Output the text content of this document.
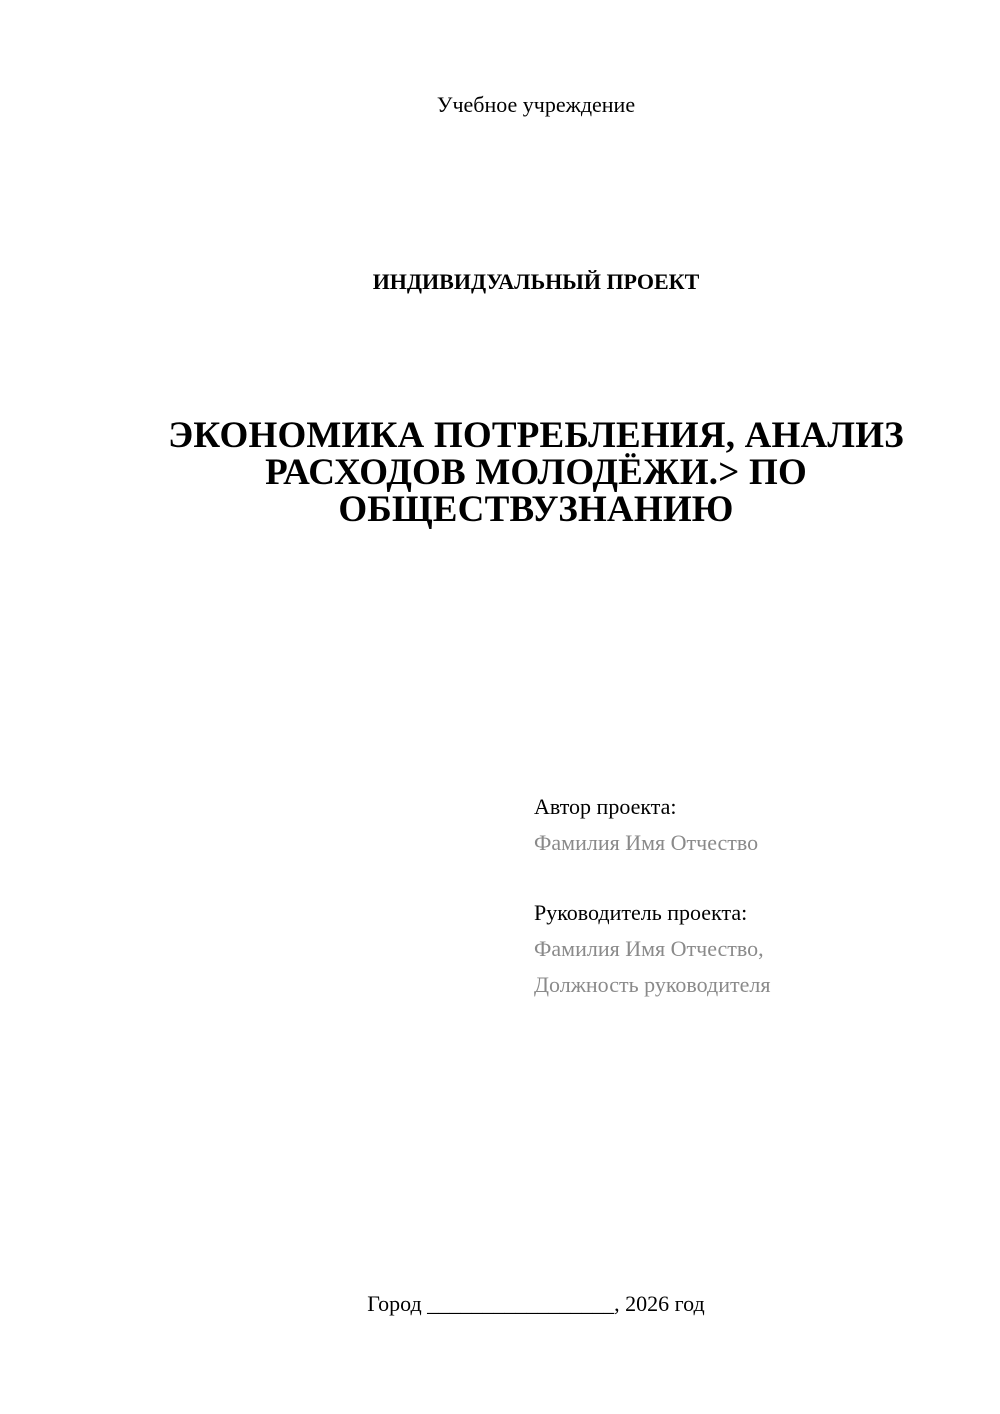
Учебное учреждение
ИНДИВИДУАЛЬНЫЙ ПРОЕКТ
ЭКОНОМИКА ПОТРЕБЛЕНИЯ, АНАЛИЗ
РАСХОДОВ МОЛОДЁЖИ.> ПО
ОБЩЕСТВУЗНАНИЮ
Автор проекта:
Фамилия Имя Отчество
Руководитель проекта:
Фамилия Имя Отчество,
Должность руководителя
Город _________________, 2026 год
